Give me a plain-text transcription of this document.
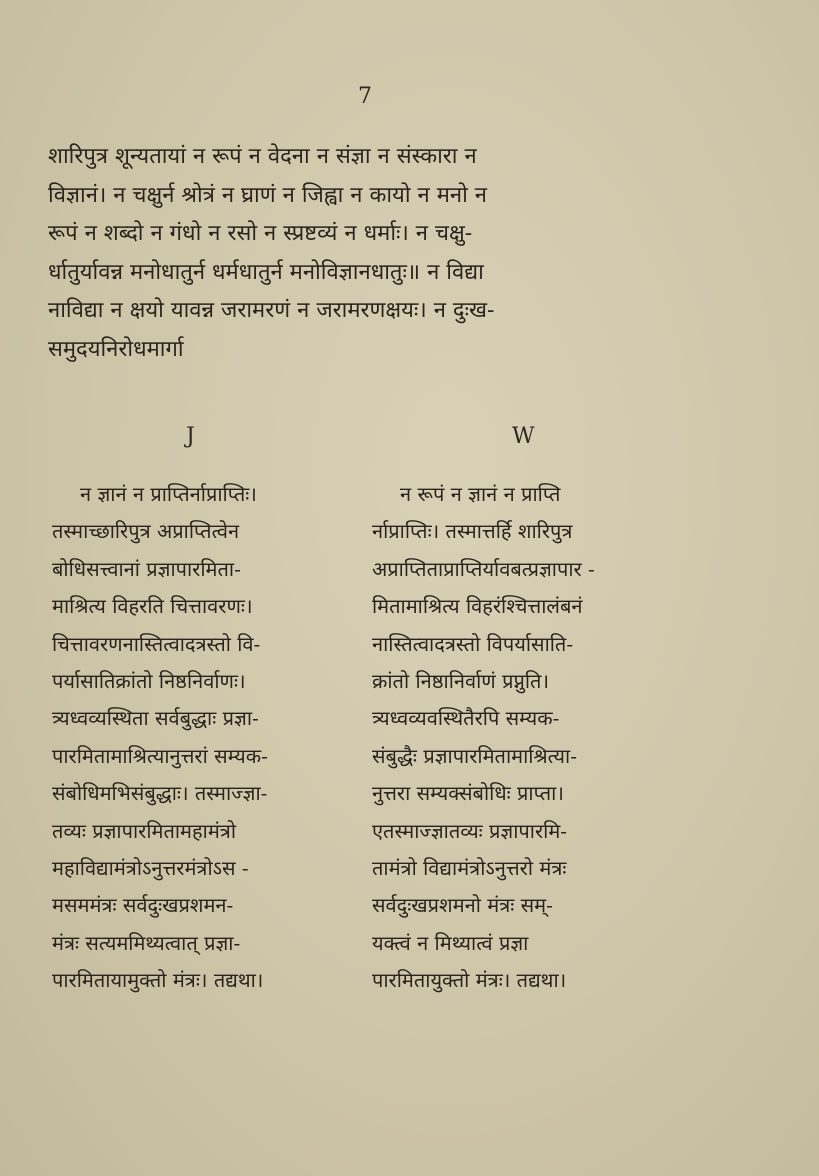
7
शारिपुत्र शून्यतायां न रूपं न वेदना न संज्ञा न संस्कारा न
विज्ञानं। न चक्षुर्न श्रोत्रं न घ्राणं न जिह्वा न कायो न मनो न
रूपं न शब्दो न गंधो न रसो न स्प्रष्टव्यं न धर्माः। न चक्षु-
र्धातुर्यावन्न मनोधातुर्न धर्मधातुर्न मनोविज्ञानधातुः॥ न विद्या
नाविद्या न क्षयो यावन्न जरामरणं न जरामरणक्षयः। न दुःख-
समुदयनिरोधमार्गा
J	W
न ज्ञानं न प्राप्तिर्नाप्राप्तिः।
तस्माच्छारिपुत्र अप्राप्तित्वेन
बोधिसत्त्वानां प्रज्ञापारमिता-
माश्रित्य विहरति चित्तावरणः।
चित्तावरणनास्तित्वादत्रस्तो वि-
पर्यासातिक्रांतो निष्ठनिर्वाणः।
त्र्यध्वव्यस्थिता सर्वबुद्धाः प्रज्ञा-
पारमितामाश्रित्यानुत्तरां सम्यक-
संबोधिमभिसंबुद्धाः। तस्माज्ज्ञा-
तव्यः प्रज्ञापारमितामहामंत्रो
महाविद्यामंत्रोऽनुत्तरमंत्रोऽस -
मसममंत्रः सर्वदुःखप्रशमन-
मंत्रः सत्यममिथ्यत्वात् प्रज्ञा-
पारमितायामुक्तो मंत्रः। तद्यथा।
न रूपं न ज्ञानं न प्राप्ति
र्नाप्राप्तिः। तस्मात्तर्हि शारिपुत्र
अप्राप्तिताप्राप्तिर्यावबत्प्रज्ञापार -
मितामाश्रित्य विहरंश्चित्तालंबनं
नास्तित्वादत्रस्तो विपर्यासाति-
क्रांतो निष्ठानिर्वाणं प्रप्नुति।
त्र्यध्वव्यवस्थितैरपि सम्यक-
संबुद्धैः प्रज्ञापारमितामाश्रित्या-
नुत्तरा सम्यक्संबोधिः प्राप्ता।
एतस्माज्ज्ञातव्यः प्रज्ञापारमि-
तामंत्रो विद्यामंत्रोऽनुत्तरो मंत्रः
सर्वदुःखप्रशमनो मंत्रः सम्-
यक्त्वं न मिथ्यात्वं प्रज्ञा
पारमितायुक्तो मंत्रः। तद्यथा।
